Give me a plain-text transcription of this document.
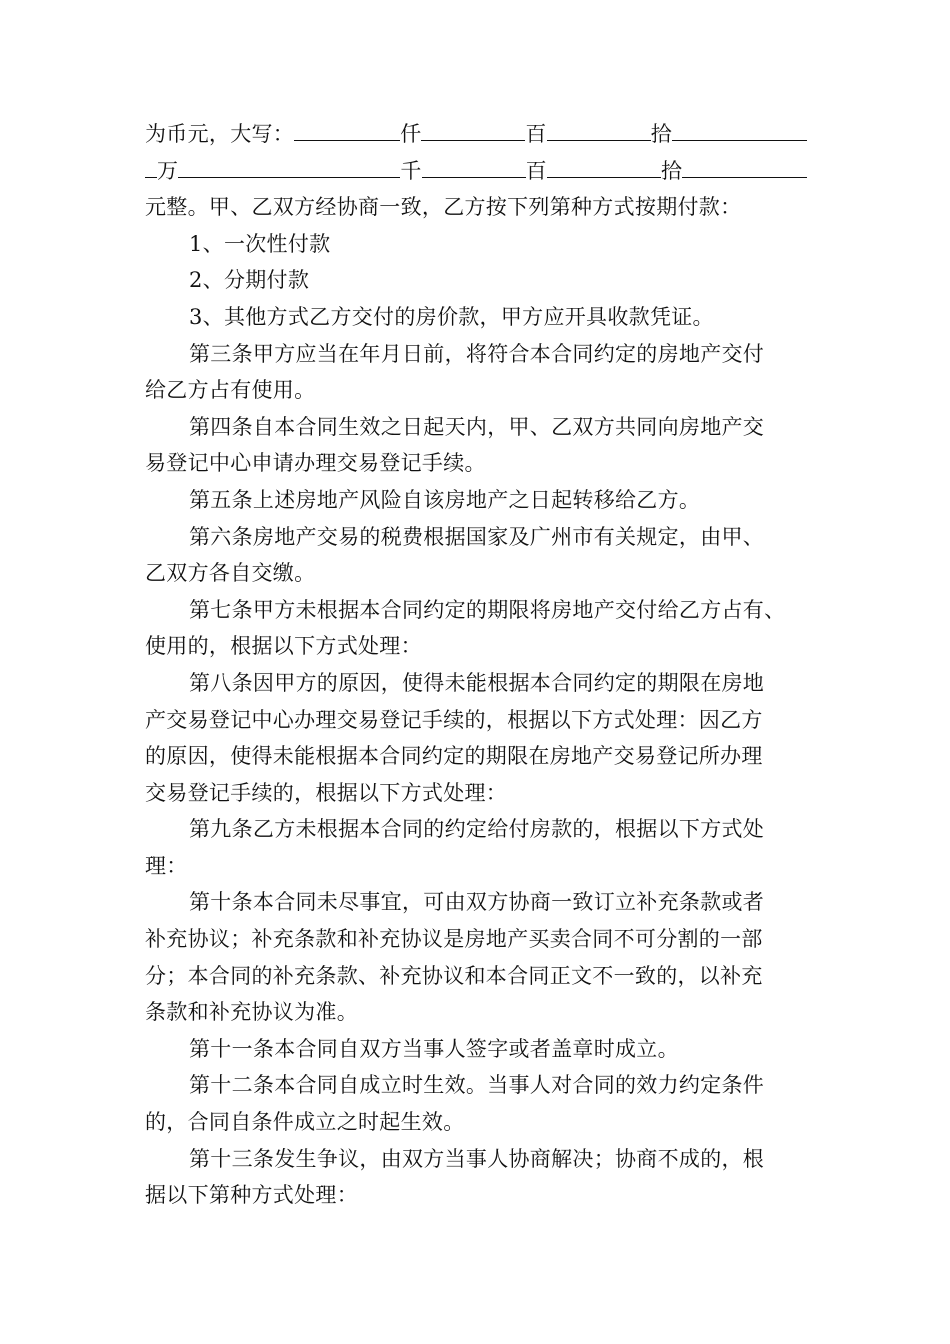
为币元，大写：	仟	百	拾
万	千	百	拾
元整。甲、乙双方经协商一致，乙方按下列第种方式按期付款：
1、一次性付款
2、分期付款
3、其他方式乙方交付的房价款，甲方应开具收款凭证。
第三条甲方应当在年月日前，将符合本合同约定的房地产交付
给乙方占有使用。
第四条自本合同生效之日起天内，甲、乙双方共同向房地产交
易登记中心申请办理交易登记手续。
第五条上述房地产风险自该房地产之日起转移给乙方。
第六条房地产交易的税费根据国家及广州市有关规定，由甲、
乙双方各自交缴。
第七条甲方未根据本合同约定的期限将房地产交付给乙方占有、
使用的，根据以下方式处理：
第八条因甲方的原因，使得未能根据本合同约定的期限在房地
产交易登记中心办理交易登记手续的，根据以下方式处理：因乙方
的原因，使得未能根据本合同约定的期限在房地产交易登记所办理
交易登记手续的，根据以下方式处理：
第九条乙方未根据本合同的约定给付房款的，根据以下方式处
理：
第十条本合同未尽事宜，可由双方协商一致订立补充条款或者
补充协议；补充条款和补充协议是房地产买卖合同不可分割的一部
分；本合同的补充条款、补充协议和本合同正文不一致的，以补充
条款和补充协议为准。
第十一条本合同自双方当事人签字或者盖章时成立。
第十二条本合同自成立时生效。当事人对合同的效力约定条件
的，合同自条件成立之时起生效。
第十三条发生争议，由双方当事人协商解决；协商不成的，根
据以下第种方式处理：
